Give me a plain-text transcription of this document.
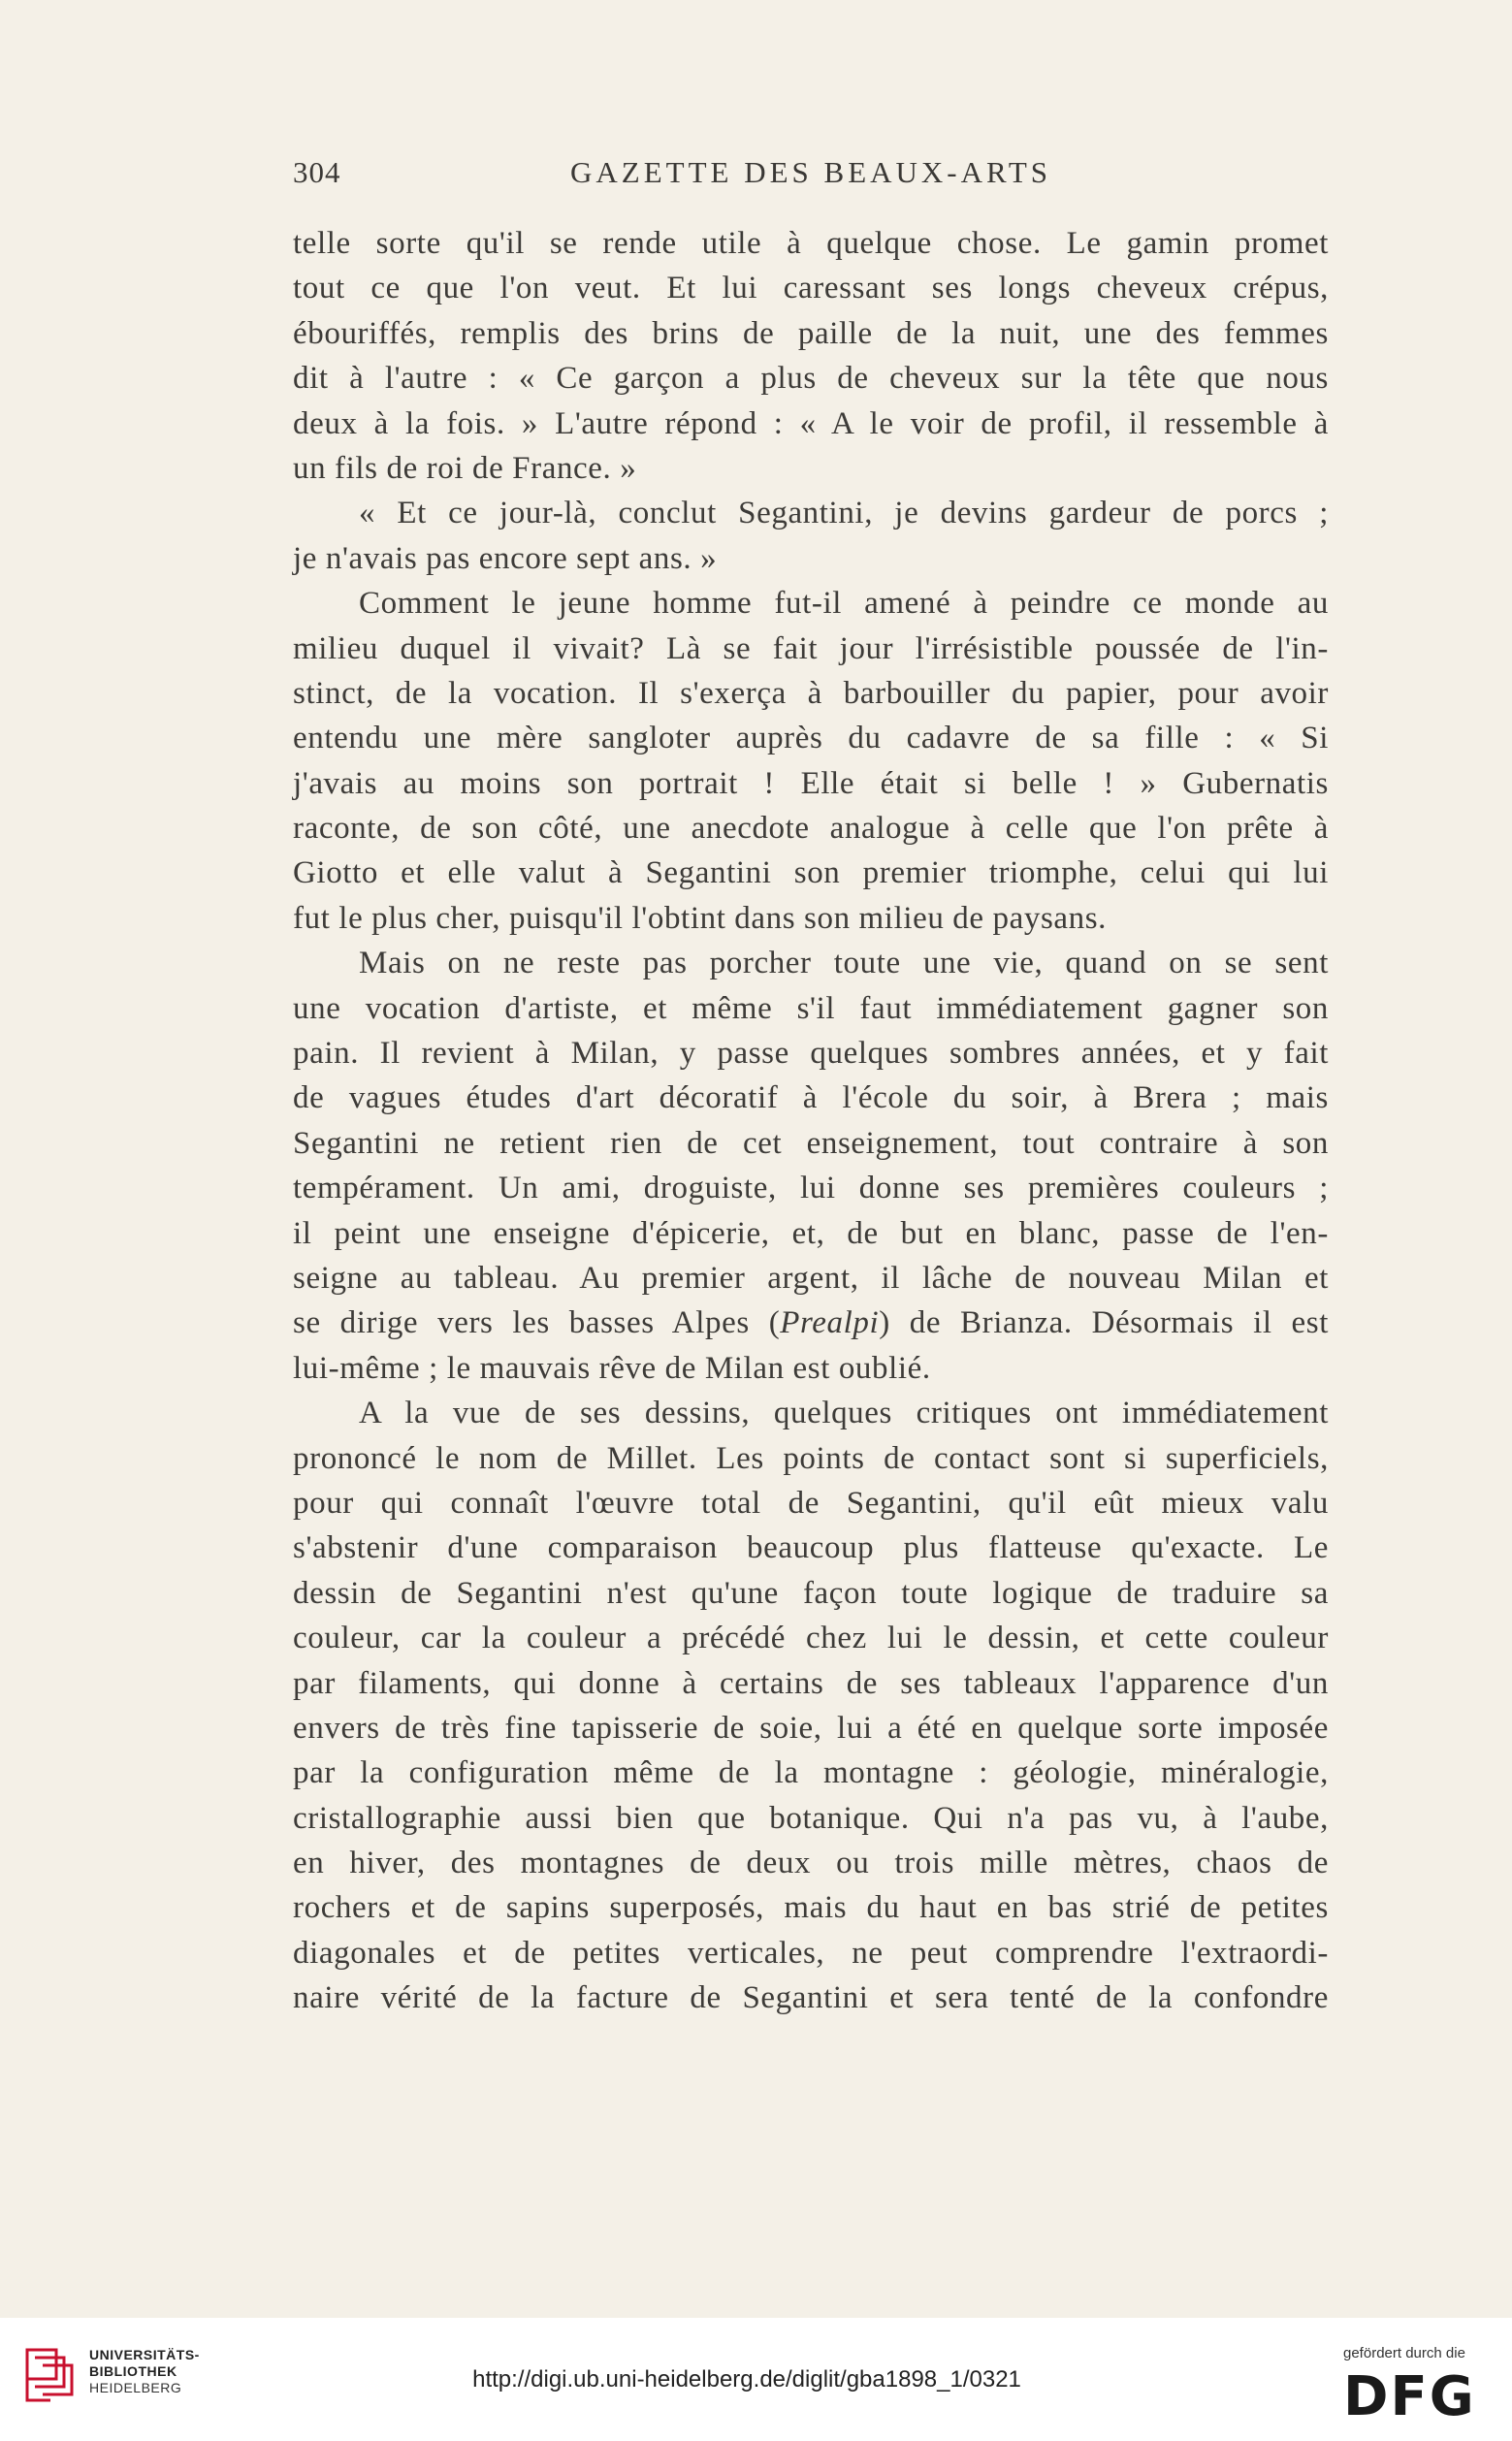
304	GAZETTE DES BEAUX-ARTS
telle sorte qu'il se rende utile à quelque chose. Le gamin promet
tout ce que l'on veut. Et lui caressant ses longs cheveux crépus,
ébouriffés, remplis des brins de paille de la nuit, une des femmes
dit à l'autre : « Ce garçon a plus de cheveux sur la tête que nous
deux à la fois. » L'autre répond : « A le voir de profil, il ressemble à
un fils de roi de France. »
« Et ce jour-là, conclut Segantini, je devins gardeur de porcs ;
je n'avais pas encore sept ans. »
Comment le jeune homme fut-il amené à peindre ce monde au
milieu duquel il vivait? Là se fait jour l'irrésistible poussée de l'in-
stinct, de la vocation. Il s'exerça à barbouiller du papier, pour avoir
entendu une mère sangloter auprès du cadavre de sa fille : « Si
j'avais au moins son portrait ! Elle était si belle ! » Gubernatis
raconte, de son côté, une anecdote analogue à celle que l'on prête à
Giotto et elle valut à Segantini son premier triomphe, celui qui lui
fut le plus cher, puisqu'il l'obtint dans son milieu de paysans.
Mais on ne reste pas porcher toute une vie, quand on se sent
une vocation d'artiste, et même s'il faut immédiatement gagner son
pain. Il revient à Milan, y passe quelques sombres années, et y fait
de vagues études d'art décoratif à l'école du soir, à Brera ; mais
Segantini ne retient rien de cet enseignement, tout contraire à son
tempérament. Un ami, droguiste, lui donne ses premières couleurs ;
il peint une enseigne d'épicerie, et, de but en blanc, passe de l'en-
seigne au tableau. Au premier argent, il lâche de nouveau Milan et
se dirige vers les basses Alpes (Prealpi) de Brianza. Désormais il est
lui-même ; le mauvais rêve de Milan est oublié.
A la vue de ses dessins, quelques critiques ont immédiatement
prononcé le nom de Millet. Les points de contact sont si superficiels,
pour qui connaît l'œuvre total de Segantini, qu'il eût mieux valu
s'abstenir d'une comparaison beaucoup plus flatteuse qu'exacte. Le
dessin de Segantini n'est qu'une façon toute logique de traduire sa
couleur, car la couleur a précédé chez lui le dessin, et cette couleur
par filaments, qui donne à certains de ses tableaux l'apparence d'un
envers de très fine tapisserie de soie, lui a été en quelque sorte imposée
par la configuration même de la montagne : géologie, minéralogie,
cristallographie aussi bien que botanique. Qui n'a pas vu, à l'aube,
en hiver, des montagnes de deux ou trois mille mètres, chaos de
rochers et de sapins superposés, mais du haut en bas strié de petites
diagonales et de petites verticales, ne peut comprendre l'extraordi-
naire vérité de la facture de Segantini et sera tenté de la confondre
UNIVERSITÄTS-
BIBLIOTHEK
HEIDELBERG	http://digi.ub.uni-heidelberg.de/diglit/gba1898_1/0321
gefördert durch die
DFG
